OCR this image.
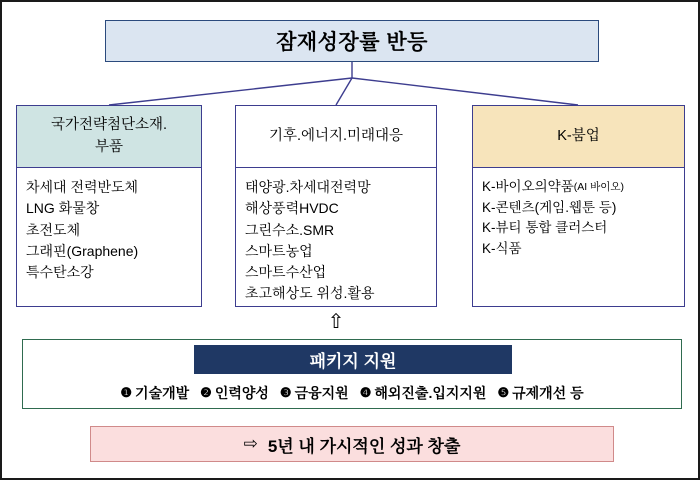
잠재성장률 반등
국가전략첨단소재.
부품
차세대 전력반도체
LNG 화물창
초전도체
그래핀(Graphene)
특수탄소강
기후.에너지.미래대응
태양광.차세대전력망
해상풍력HVDC
그린수소.SMR
스마트농업
스마트수산업
초고해상도 위성.활용
K-붐업
K-바이오의약품(AI 바이오)
K-콘텐츠(게임.웹툰 등)
K-뷰티 통합 클러스터
K-식품
⇧
패키지 지원
❶ 기술개발 ❷ 인력양성 ❸ 금융지원 ❹ 해외진출.입지지원 ❺ 규제개선 등
⇨ 5년 내 가시적인 성과 창출
